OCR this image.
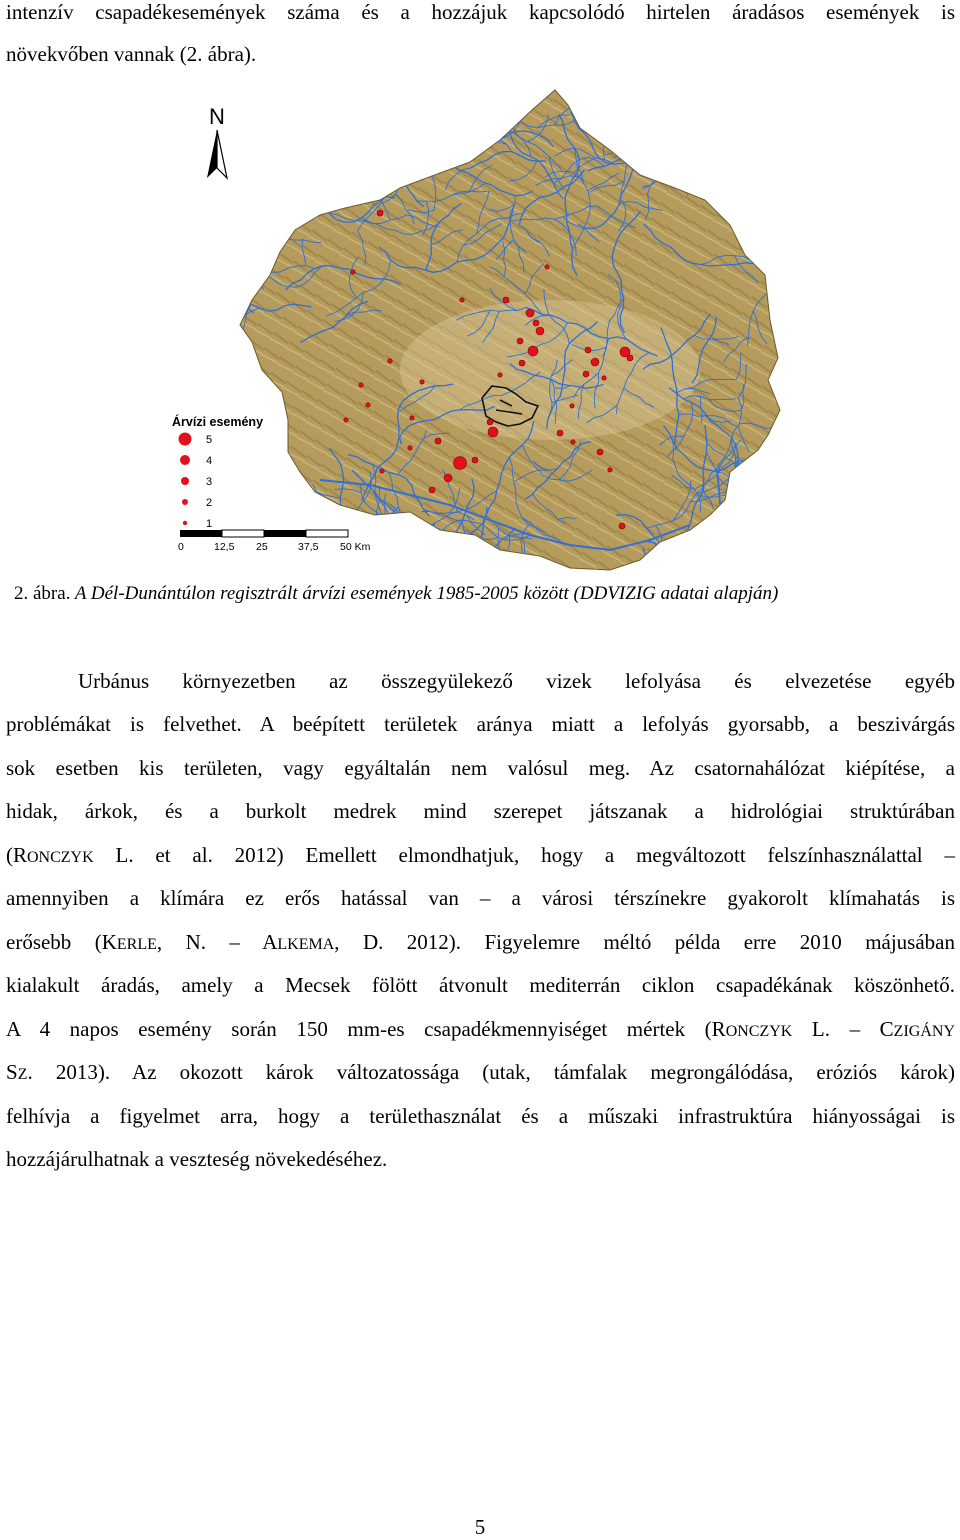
intenzív csapadékesemények száma és a hozzájuk kapcsolódó hirtelen áradásos események is
növekvőben vannak (2. ábra).
N
Árvízi esemény
5
4
3
2
1
0	12,5 25	37,5 50 Km
2. ábra. A Dél-Dunántúlon regisztrált árvízi események 1985-2005 között (DDVIZIG adatai alapján)
Urbánus környezetben az összegyülekező vizek lefolyása és elvezetése egyéb
problémákat is felvethet. A beépített területek aránya miatt a lefolyás gyorsabb, a beszivárgás
sok esetben kis területen, vagy egyáltalán nem valósul meg. Az csatornahálózat kiépítése, a
hidak, árkok, és a burkolt medrek mind szerepet játszanak a hidrológiai struktúrában
(RONCZYK L. et al. 2012) Emellett elmondhatjuk, hogy a megváltozott felszínhasználattal –
amennyiben a klímára ez erős hatással van – a városi térszínekre gyakorolt klímahatás is
erősebb (KERLE, N. – ALKEMA, D. 2012). Figyelemre méltó példa erre 2010 májusában
kialakult áradás, amely a Mecsek fölött átvonult mediterrán ciklon csapadékának köszönhető.
A 4 napos esemény során 150 mm-es csapadékmennyiséget mértek (RONCZYK L. – CZIGÁNY
SZ. 2013). Az okozott károk változatossága (utak, támfalak megrongálódása, eróziós károk)
felhívja a figyelmet arra, hogy a területhasználat és a műszaki infrastruktúra hiányosságai is
hozzájárulhatnak a veszteség növekedéséhez.
5
